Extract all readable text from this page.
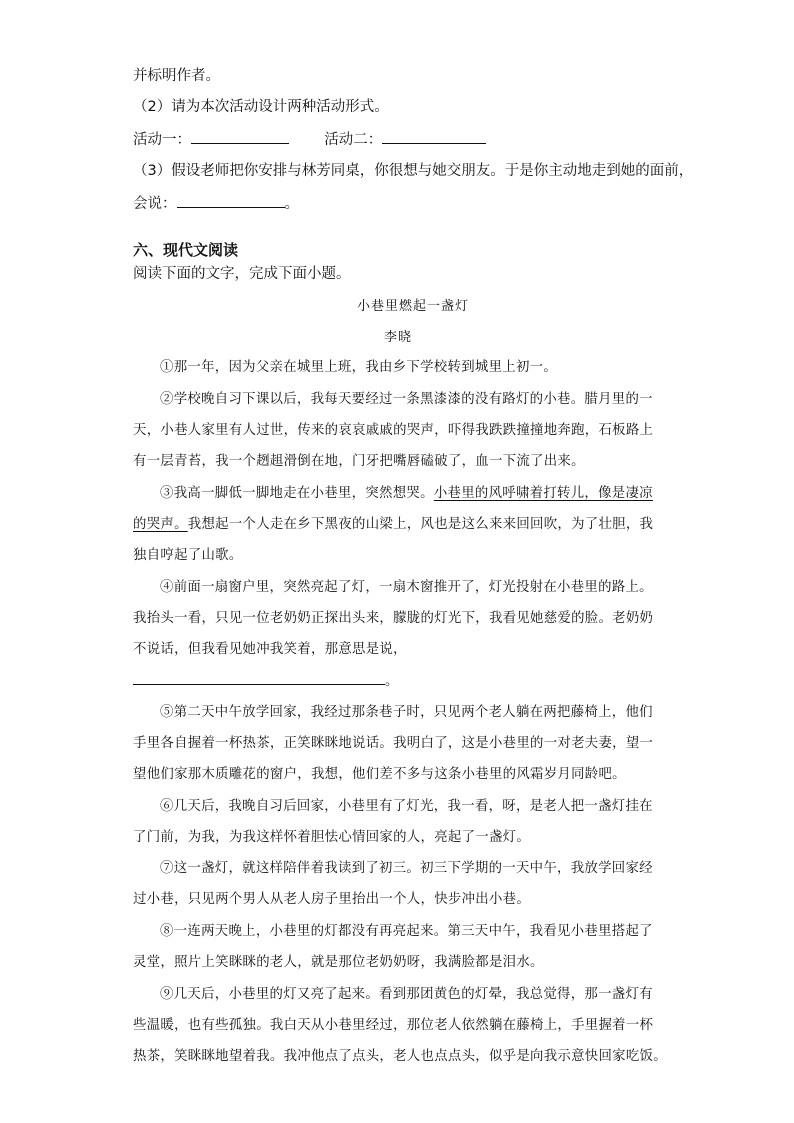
并标明作者。
（2）请为本次活动设计两种活动形式。
活动一：	活动二：
（3）假设老师把你安排与林芳同桌，你很想与她交朋友。于是你主动地走到她的面前，
会说：	。
六、现代文阅读
阅读下面的文字，完成下面小题。
小巷里燃起一盏灯
李晓
①那一年，因为父亲在城里上班，我由乡下学校转到城里上初一。
②学校晚自习下课以后，我每天要经过一条黑漆漆的没有路灯的小巷。腊月里的一
天，小巷人家里有人过世，传来的哀哀戚戚的哭声，吓得我跌跌撞撞地奔跑，石板路上
有一层青苔，我一个趔趄滑倒在地，门牙把嘴唇磕破了，血一下流了出来。
③我高一脚低一脚地走在小巷里，突然想哭。小巷里的风呼啸着打转儿，像是凄凉
的哭声。我想起一个人走在乡下黑夜的山梁上，风也是这么来来回回吹，为了壮胆，我
独自哼起了山歌。
④前面一扇窗户里，突然亮起了灯，一扇木窗推开了，灯光投射在小巷里的路上。
我抬头一看，只见一位老奶奶正探出头来，朦胧的灯光下，我看见她慈爱的脸。老奶奶
不说话，但我看见她冲我笑着，那意思是说，
。
⑤第二天中午放学回家，我经过那条巷子时，只见两个老人躺在两把藤椅上，他们
手里各自握着一杯热茶，正笑眯眯地说话。我明白了，这是小巷里的一对老夫妻，望一
望他们家那木质雕花的窗户，我想，他们差不多与这条小巷里的风霜岁月同龄吧。
⑥几天后，我晚自习后回家，小巷里有了灯光，我一看，呀，是老人把一盏灯挂在
了门前，为我，为我这样怀着胆怯心情回家的人，亮起了一盏灯。
⑦这一盏灯，就这样陪伴着我读到了初三。初三下学期的一天中午，我放学回家经
过小巷，只见两个男人从老人房子里抬出一个人，快步冲出小巷。
⑧一连两天晚上，小巷里的灯都没有再亮起来。第三天中午，我看见小巷里搭起了
灵堂，照片上笑眯眯的老人，就是那位老奶奶呀，我满脸都是泪水。
⑨几天后，小巷里的灯又亮了起来。看到那团黄色的灯晕，我总觉得，那一盏灯有
些温暖，也有些孤独。我白天从小巷里经过，那位老人依然躺在藤椅上，手里握着一杯
热茶，笑眯眯地望着我。我冲他点了点头，老人也点点头，似乎是向我示意快回家吃饭。
